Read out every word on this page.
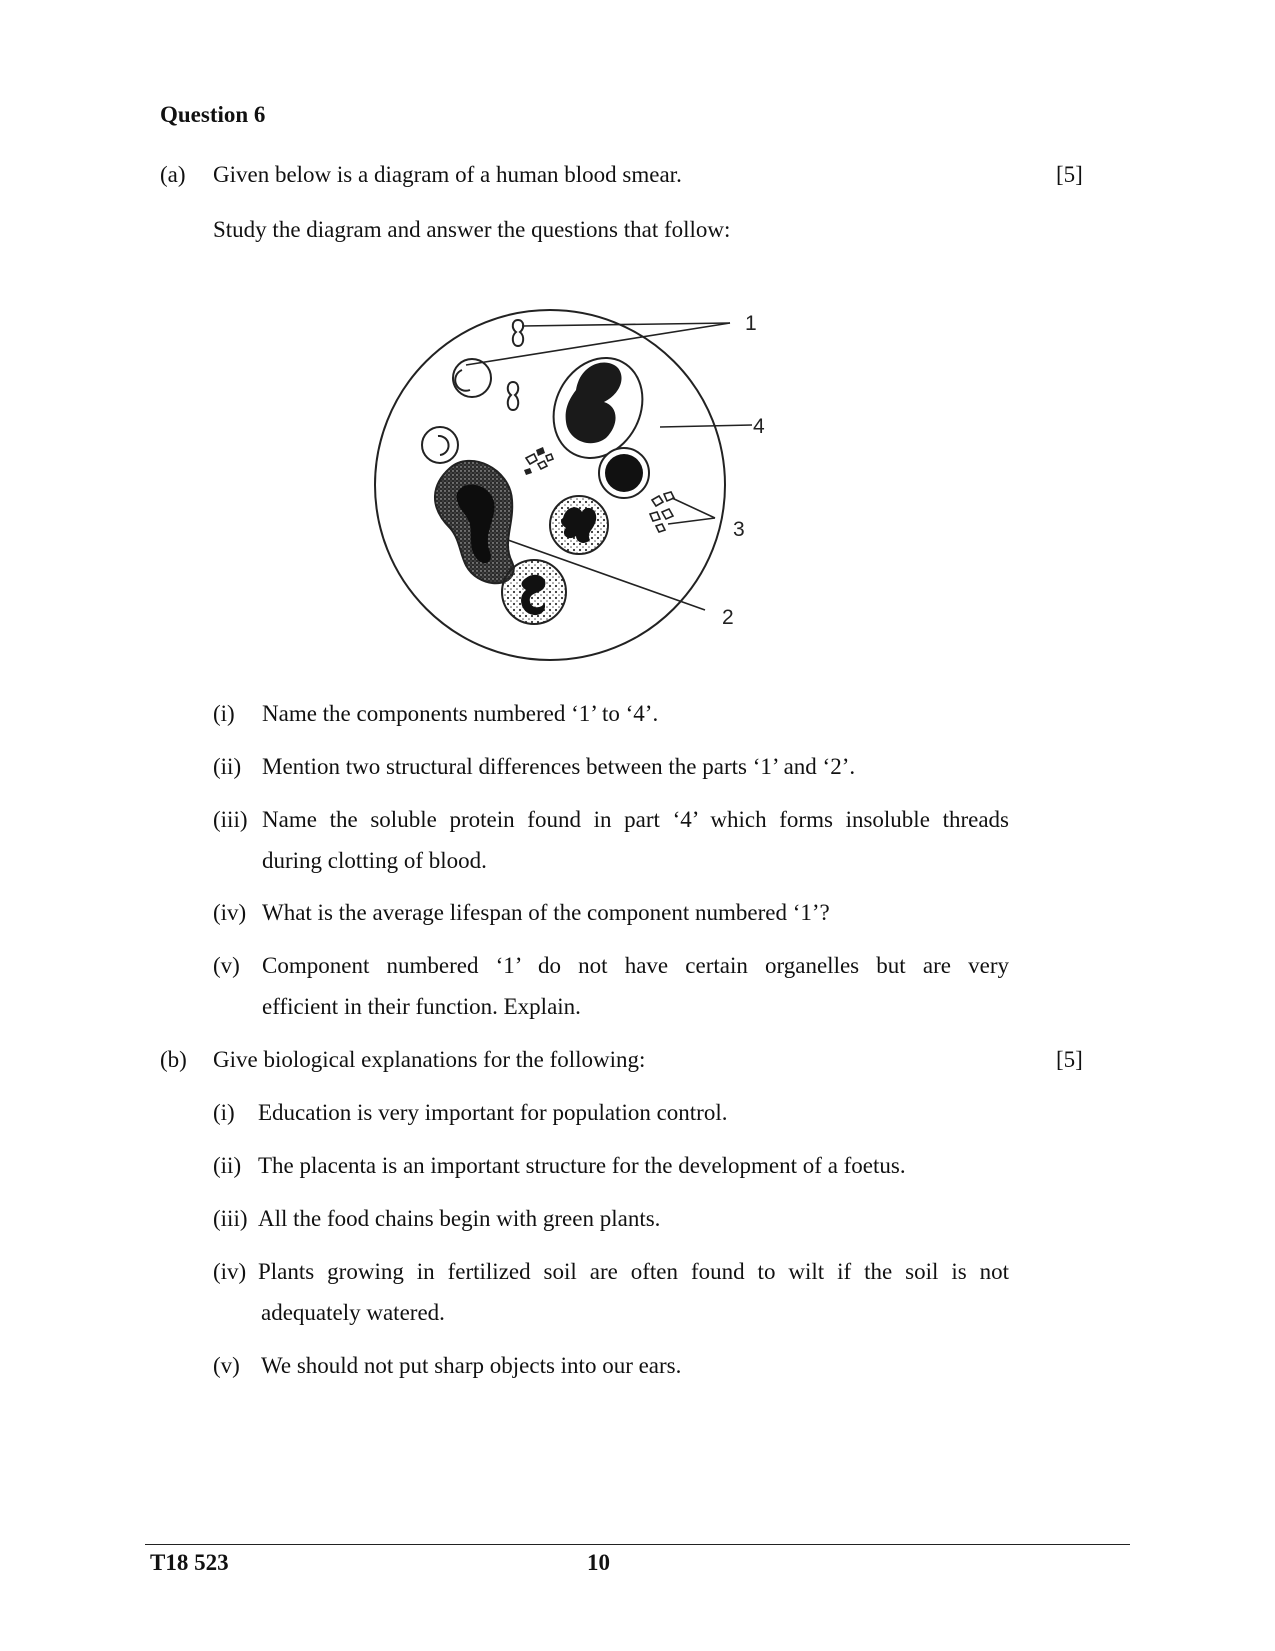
Question 6
(a) Given below is a diagram of a human blood smear.	[5]
Study the diagram and answer the questions that follow:
1
4
3
2
(i) Name the components numbered ‘1’ to ‘4’.
(ii) Mention two structural differences between the parts ‘1’ and ‘2’.
(iii) Name the soluble protein found in part ‘4’ which forms insoluble threads
during clotting of blood.
(iv) What is the average lifespan of the component numbered ‘1’?
(v) Component numbered ‘1’ do not have certain organelles but are very
efficient in their function. Explain.
(b) Give biological explanations for the following:	[5]
(i) Education is very important for population control.
(ii) The placenta is an important structure for the development of a foetus.
(iii) All the food chains begin with green plants.
(iv) Plants growing in fertilized soil are often found to wilt if the soil is not
adequately watered.
(v) We should not put sharp objects into our ears.
T18 523	10
